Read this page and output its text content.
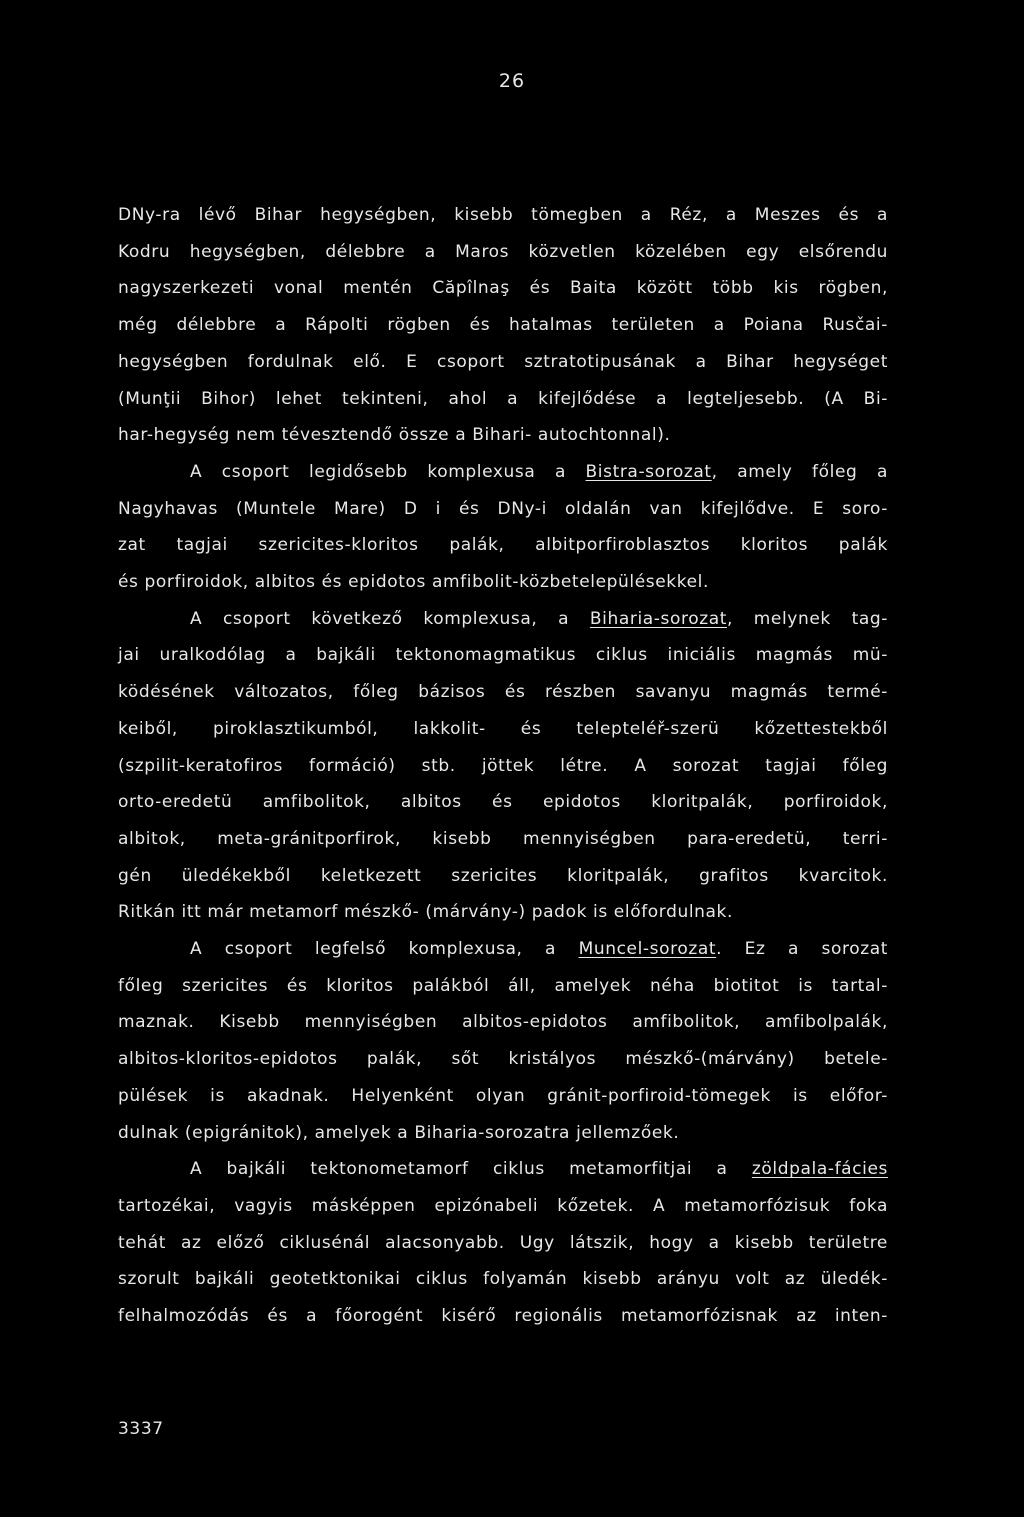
26
DNy-ra lévő Bihar hegységben, kisebb tömegben a Réz, a Meszes és a
Kodru hegységben, délebbre a Maros közvetlen közelében egy elsőrendu
nagyszerkezeti vonal mentén Căpîlnaş és Baita között több kis rögben,
még délebbre a Rápolti rögben és hatalmas területen a Poiana Rusčai-
hegységben fordulnak elő. E csoport sztratotipusának a Bihar hegységet
(Munţii Bihor) lehet tekinteni, ahol a kifejlődése a legteljesebb. (A Bi-
har-hegység nem tévesztendő össze a Bihari- autochtonnal).
A csoport legidősebb komplexusa a Bistra-sorozat, amely főleg a
Nagyhavas (Muntele Mare) D i és DNy-i oldalán van kifejlődve. E soro-
zat tagjai szericites-kloritos palák, albitporfiroblasztos kloritos palák
és porfiroidok, albitos és epidotos amfibolit-közbetelepülésekkel.
A csoport következő komplexusa, a Biharia-sorozat, melynek tag-
jai uralkodólag a bajkáli tektonomagmatikus ciklus iniciális magmás mü-
ködésének változatos, főleg bázisos és részben savanyu magmás termé-
keiből, piroklasztikumból, lakkolit- és telepteléř-szerü kőzettestekből
(szpilit-keratofiros formáció) stb. jöttek létre. A sorozat tagjai főleg
orto-eredetü amfibolitok, albitos és epidotos kloritpalák, porfiroidok,
albitok, meta-gránitporfirok, kisebb mennyiségben para-eredetü, terri-
gén üledékekből keletkezett szericites kloritpalák, grafitos kvarcitok.
Ritkán itt már metamorf mészkő- (márvány-) padok is előfordulnak.
A csoport legfelső komplexusa, a Muncel-sorozat. Ez a sorozat
főleg szericites és kloritos palákból áll, amelyek néha biotitot is tartal-
maznak. Kisebb mennyiségben albitos-epidotos amfibolitok, amfibolpalák,
albitos-kloritos-epidotos palák, sőt kristályos mészkő-(márvány) betele-
pülések is akadnak. Helyenként olyan gránit-porfiroid-tömegek is előfor-
dulnak (epigránitok), amelyek a Biharia-sorozatra jellemzőek.
A bajkáli tektonometamorf ciklus metamorfitjai a zöldpala-fácies
tartozékai, vagyis másképpen epizónabeli kőzetek. A metamorfózisuk foka
tehát az előző ciklusénál alacsonyabb. Ugy látszik, hogy a kisebb területre
szorult bajkáli geotetktonikai ciklus folyamán kisebb arányu volt az üledék-
felhalmozódás és a főorogént kisérő regionális metamorfózisnak az inten-
3337
